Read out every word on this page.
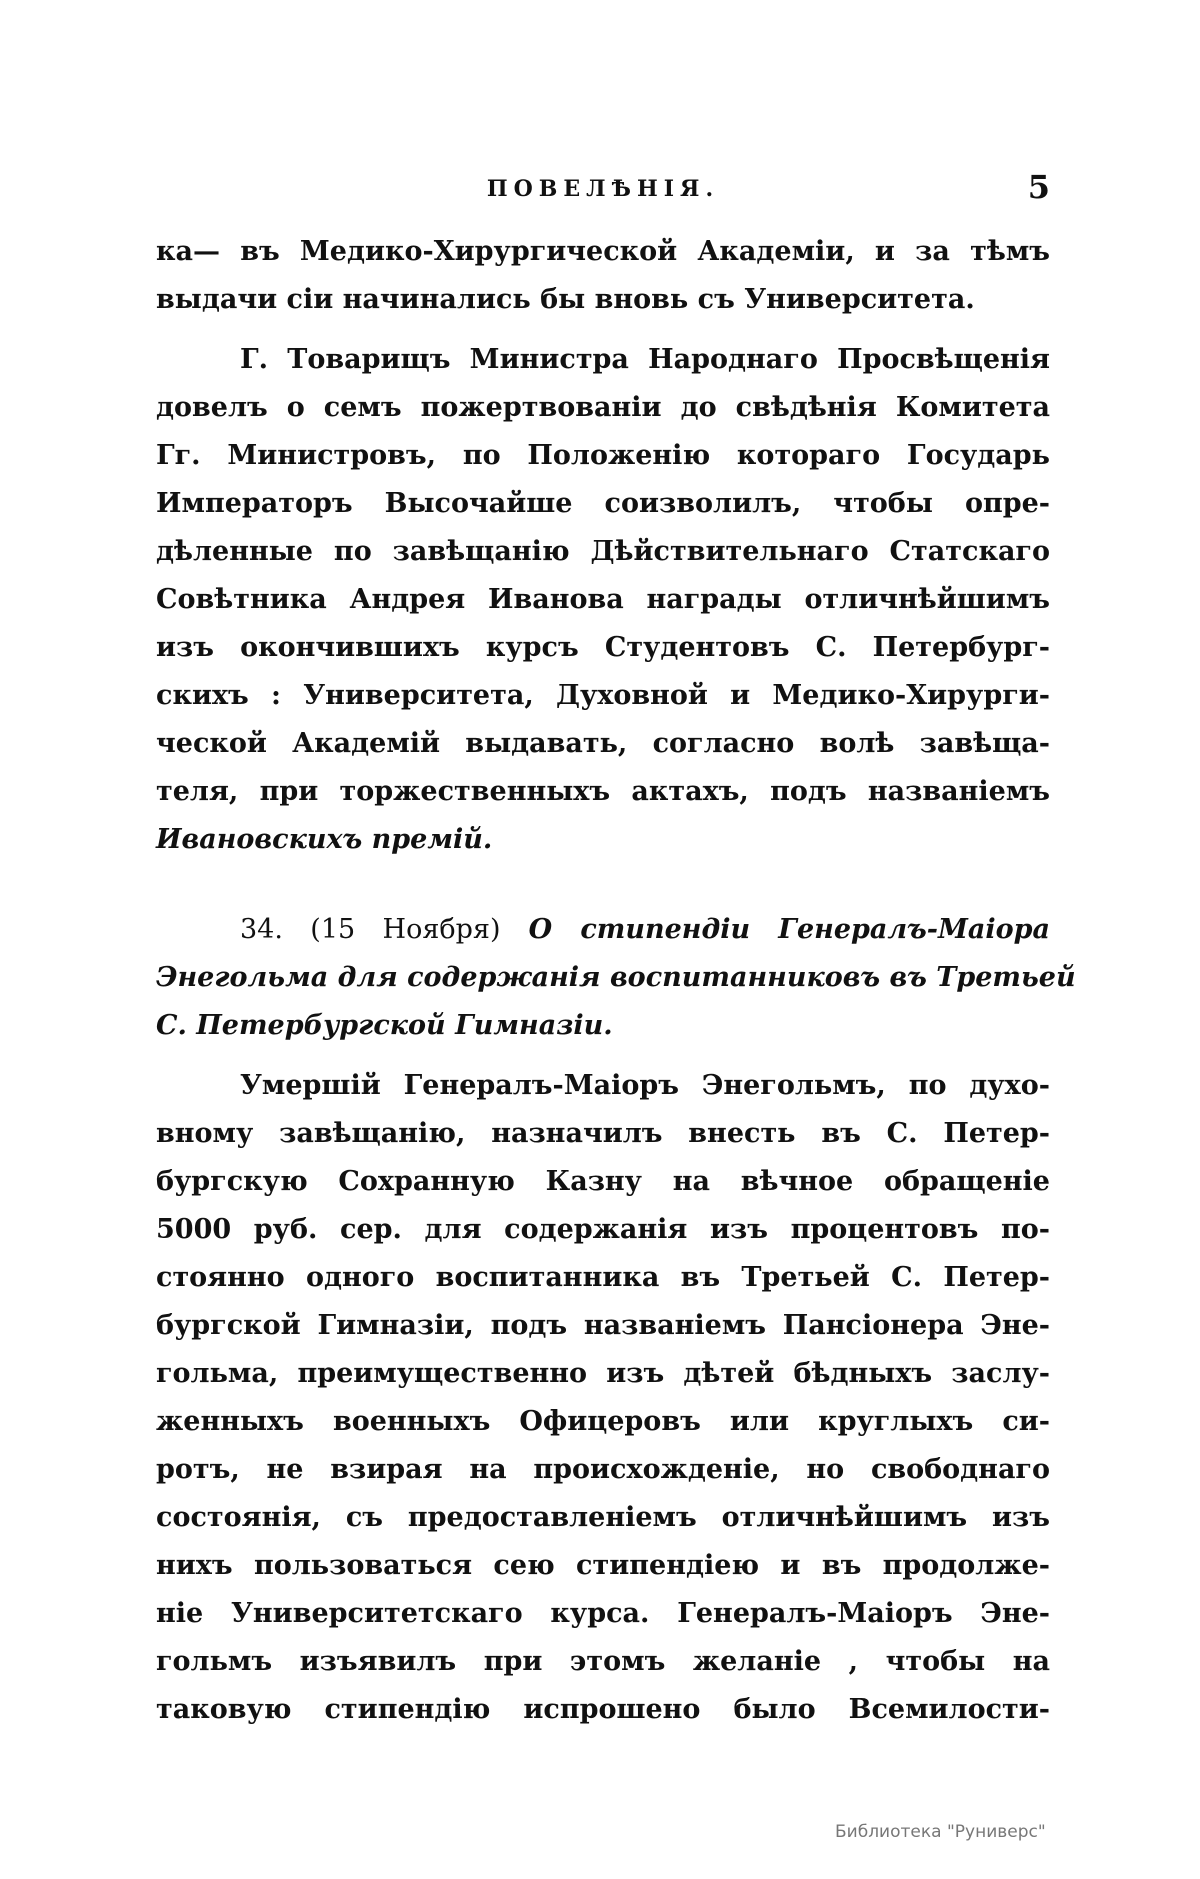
ПОВЕЛѢНІЯ.	5
ка— въ Медико-Хирургической Академіи, и за тѣмъ
выдачи сіи начинались бы вновь съ Университета.
Г. Товарищъ Министра Народнаго Просвѣщенія
довелъ о семъ пожертвованіи до свѣдѣнія Комитета
Гг. Министровъ, по Положенію котораго Государь
Императоръ Высочайше соизволилъ, чтобы опре-
дѣленные по завѣщанію Дѣйствительнаго Статскаго
Совѣтника Андрея Иванова награды отличнѣйшимъ
изъ окончившихъ курсъ Студентовъ С. Петербург-
скихъ : Университета, Духовной и Медико-Хирурги-
ческой Академій выдавать, согласно волѣ завѣща-
теля, при торжественныхъ актахъ, подъ названіемъ
Ивановскихъ премій.
34. (15 Ноября) О стипендіи Генералъ-Маіора
Энегольма для содержанія воспитанниковъ въ Третьей
С. Петербургской Гимназіи.
Умершій Генералъ-Маіоръ Энегольмъ, по духо-
вному завѣщанію, назначилъ внесть въ С. Петер-
бургскую Сохранную Казну на вѣчное обращеніе
5000 руб. сер. для содержанія изъ процентовъ по-
стоянно одного воспитанника въ Третьей С. Петер-
бургской Гимназіи, подъ названіемъ Пансіонера Эне-
гольма, преимущественно изъ дѣтей бѣдныхъ заслу-
женныхъ военныхъ Офицеровъ или круглыхъ си-
ротъ, не взирая на происхожденіе, но свободнаго
состоянія, съ предоставленіемъ отличнѣйшимъ изъ
нихъ пользоваться сею стипендіею и въ продолже-
ніе Университетскаго курса. Генералъ-Маіоръ Эне-
гольмъ изъявилъ при этомъ желаніе , чтобы на
таковую стипендію испрошено было Всемилости-
Библиотека "Руниверс"
